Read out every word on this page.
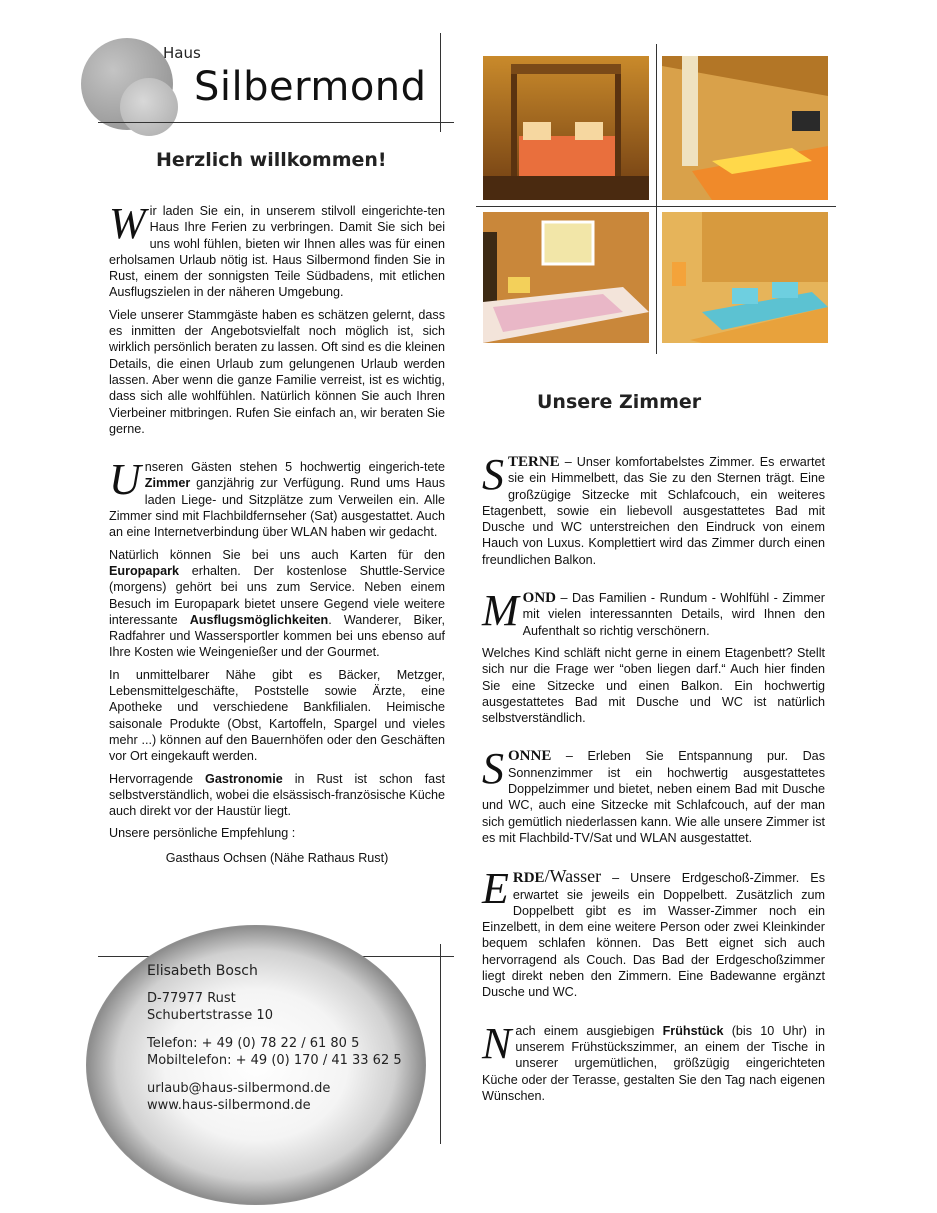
Haus
Silbermond
Herzlich willkommen!

Wir laden Sie ein, in unserem stilvoll eingerichte-ten Haus Ihre Ferien zu verbringen. Damit Sie sich bei uns wohl fühlen, bieten wir Ihnen alles was für einen erholsamen Urlaub nötig ist. Haus Silbermond finden Sie in Rust, einem der sonnigsten Teile Südbadens, mit etlichen Ausflugszielen in der näheren Umgebung.

Viele unserer Stammgäste haben es schätzen gelernt, dass es inmitten der Angebotsvielfalt noch möglich ist, sich wirklich persönlich beraten zu lassen. Oft sind es die kleinen Details, die einen Urlaub zum gelungenen Urlaub werden lassen. Aber wenn die ganze Familie verreist, ist es wichtig, dass sich alle wohlfühlen. Natürlich können Sie auch Ihren Vierbeiner mitbringen. Rufen Sie einfach an, wir beraten Sie gerne.

Unseren Gästen stehen 5 hochwertig eingerich-tete Zimmer ganzjährig zur Verfügung. Rund ums Haus laden Liege- und Sitzplätze zum Verweilen ein. Alle Zimmer sind mit Flachbildfernseher (Sat) ausgestattet. Auch an eine Internetverbindung über WLAN haben wir gedacht.

Natürlich können Sie bei uns auch Karten für den Europapark erhalten. Der kostenlose Shuttle-Service (morgens) gehört bei uns zum Service. Neben einem Besuch im Europapark bietet unsere Gegend viele weitere interessante Ausflugsmöglichkeiten. Wanderer, Biker, Radfahrer und Wassersportler kommen bei uns ebenso auf Ihre Kosten wie Weingenießer und der Gourmet.

In unmittelbarer Nähe gibt es Bäcker, Metzger, Lebensmittelgeschäfte, Poststelle sowie Ärzte, eine Apotheke und verschiedene Bankfilialen. Heimische saisonale Produkte (Obst, Kartoffeln, Spargel und vieles mehr ...) können auf den Bauernhöfen oder den Geschäften vor Ort eingekauft werden.

Hervorragende Gastronomie in Rust ist schon fast selbstverständlich, wobei die elsässisch-französische Küche auch direkt vor der Haustür liegt.

Unsere persönliche Empfehlung :

Gasthaus Ochsen (Nähe Rathaus Rust)

Elisabeth Bosch
D-77977 Rust
Schubertstrasse 10
Telefon: + 49 (0) 78 22 / 61 80 5
Mobiltelefon: + 49 (0) 170 / 41 33 62 5
urlaub@haus-silbermond.de
www.haus-silbermond.de
Unsere Zimmer

STERNE – Unser komfortabelstes Zimmer. Es erwartet sie ein Himmelbett, das Sie zu den Sternen trägt. Eine großzügige Sitzecke mit Schlafcouch, ein weiteres Etagenbett, sowie ein liebevoll ausgestattetes Bad mit Dusche und WC unterstreichen den Eindruck von einem Hauch von Luxus. Komplettiert wird das Zimmer durch einen freundlichen Balkon.

MOND – Das Familien - Rundum - Wohlfühl - Zimmer mit vielen interessannten Details, wird Ihnen den Aufenthalt so richtig verschönern.

Welches Kind schläft nicht gerne in einem Etagenbett? Stellt sich nur die Frage wer “oben liegen darf.“ Auch hier finden Sie eine Sitzecke und einen Balkon. Ein hochwertig ausgestattetes Bad mit Dusche und WC ist natürlich selbstverständlich.

SONNE – Erleben Sie Entspannung pur. Das Sonnenzimmer ist ein hochwertig ausgestattetes Doppelzimmer und bietet, neben einem Bad mit Dusche und WC, auch eine Sitzecke mit Schlafcouch, auf der man sich gemütlich niederlassen kann. Wie alle unsere Zimmer ist es mit Flachbild-TV/Sat und WLAN ausgestattet.

ERDE/Wasser – Unsere Erdgeschoß-Zimmer. Es erwartet sie jeweils ein Doppelbett. Zusätzlich zum Doppelbett gibt es im Wasser-Zimmer noch ein Einzelbett, in dem eine weitere Person oder zwei Kleinkinder bequem schlafen können. Das Bett eignet sich auch hervorragend als Couch. Das Bad der Erdgeschoßzimmer liegt direkt neben den Zimmern. Eine Badewanne ergänzt Dusche und WC.

Nach einem ausgiebigen Frühstück (bis 10 Uhr) in unserem Frühstückszimmer, an einem der Tische in unserer urgemütlichen, größzügig eingerichteten Küche oder der Terasse, gestalten Sie den Tag nach eigenen Wünschen.
